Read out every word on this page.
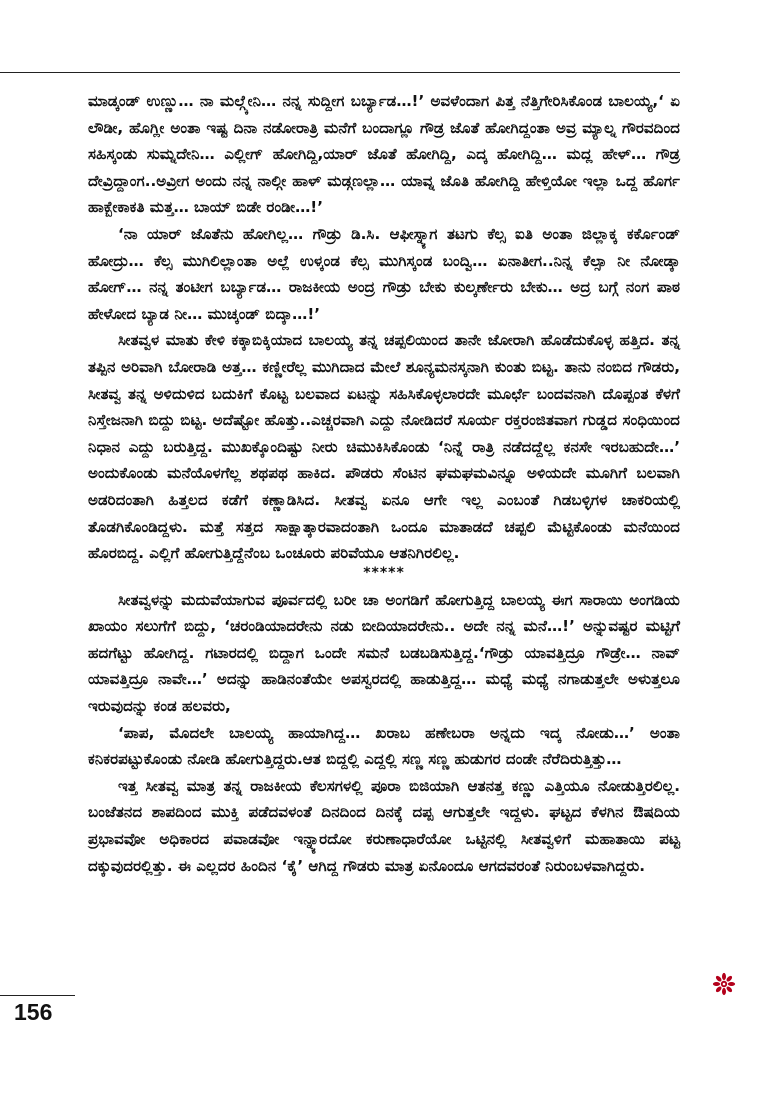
ಮಾಡ್ಕಂಡ್ ಉಣ್ಣು… ನಾ ಮಲ್ಗ್ಕೇನಿ… ನನ್ನ ಸುದ್ದೀಗ ಬರ್ಬ್ಯಾಡ…!’ ಅವಳೆಂದಾಗ ಪಿತ್ತ ನೆತ್ತಿಗೇರಿಸಿಕೊಂಡ ಬಾಲಯ್ಯ,‘ ಏ ಲೌಡೀ, ಹೊಗ್ಲೀ ಅಂತಾ ಇಷ್ಟ ದಿನಾ ನಡೋರಾತ್ರಿ ಮನೆಗೆ ಬಂದಾಗ್ಲೂ ಗೌಡ್ರ ಜೊತೆ ಹೋಗಿದ್ದಂತಾ ಅವ್ರ ಮ್ಯಾಲ್ನ ಗೌರವದಿಂದ ಸಹಿಸ್ಕಂಡು ಸುಮ್ನದೇನಿ… ಎಲ್ಲೀಗ್ ಹೋಗಿದ್ದಿ,ಯಾರ್ ಜೊತೆ ಹೋಗಿದ್ದಿ, ಎದ್ಕ ಹೋಗಿದ್ದಿ… ಮದ್ಲ ಹೇಳ್… ಗೌಡ್ರ ದೇವ್ರಿದ್ದಾಂಗ..ಅವ್ರೀಗ ಅಂದು ನನ್ನ ನಾಲ್ಗೀ ಹಾಳ್ ಮಡ್ಗಣಲ್ಲಾ… ಯಾವ್ನ ಜೊತಿ ಹೋಗಿದ್ದಿ ಹೇಳ್ತಿಯೋ ಇಲ್ಲಾ ಒದ್ದ ಹೊರ್ಗ ಹಾಕ್ಬೇಕಾಕತಿ ಮತ್ತ… ಬಾಯ್ ಬಿಡೇ ರಂಡೀ…!’

‘ನಾ ಯಾರ್ ಜೊತೆನು ಹೋಗಿಲ್ಲ… ಗೌಡ್ರು ಡಿ.ಸಿ. ಆಫೀಸ್ನ್ಯಾಗ ತಟಗು ಕೆಲ್ಸ ಐತಿ ಅಂತಾ ಜಿಲ್ಲಾಕ್ಕ ಕರ್ಕೊಂಡ್ ಹೋದ್ರು… ಕೆಲ್ಸ ಮುಗಿಲಿಲ್ಲಾಂತಾ ಅಲ್ಲೆ ಉಳ್ಕಂಡ ಕೆಲ್ಸ ಮುಗಿಸ್ಕಂಡ ಬಂದ್ವಿ… ಏನಾತೀಗ..ನಿನ್ನ ಕೆಲ್ಸಾ ನೀ ನೋಡ್ಕಾ ಹೋಗ್… ನನ್ನ ತಂಟೀಗ ಬರ್ಬ್ಯಾಡ… ರಾಜಕೀಯ ಅಂದ್ರ ಗೌಡ್ರು ಬೇಕು ಕುಲ್ಕರ್ಣೇರು ಬೇಕು… ಅದ್ರ ಬಗ್ಗೆ ನಂಗ ಪಾಠ ಹೇಳೋದ ಬ್ಯಾಡ ನೀ… ಮುಚ್ಕಂಡ್ ಬಿದ್ಕಾ…!’

ಸೀತವ್ವಳ ಮಾತು ಕೇಳಿ ಕಕ್ಕಾಬಿಕ್ಕಿಯಾದ ಬಾಲಯ್ಯ ತನ್ನ ಚಪ್ಪಲಿಯಿಂದ ತಾನೇ ಜೋರಾಗಿ ಹೊಡೆದುಕೊಳ್ಳ ಹತ್ತಿದ. ತನ್ನ ತಪ್ಪಿನ ಅರಿವಾಗಿ ಬೋರಾಡಿ ಅತ್ತ… ಕಣ್ಣೀರೆಲ್ಲ ಮುಗಿದಾದ ಮೇಲೆ ಶೂನ್ಯಮನಸ್ಕನಾಗಿ ಕುಂತು ಬಿಟ್ಟ. ತಾನು ನಂಬಿದ ಗೌಡರು, ಸೀತವ್ವ ತನ್ನ ಅಳಿದುಳಿದ ಬದುಕಿಗೆ ಕೊಟ್ಟ ಬಲವಾದ ಏಟನ್ನು ಸಹಿಸಿಕೊಳ್ಳಲಾರದೇ ಮೂರ್ಛೆ ಬಂದವನಾಗಿ ದೊಪ್ಪಂತ ಕೆಳಗೆ ನಿಸ್ತೇಜನಾಗಿ ಬಿದ್ದು ಬಿಟ್ಟ. ಅದೆಷ್ಟೋ ಹೊತ್ತು..ಎಚ್ಚರವಾಗಿ ಎದ್ದು ನೋಡಿದರೆ ಸೂರ್ಯ ರಕ್ತರಂಜಿತವಾಗ ಗುಡ್ಡದ ಸಂಧಿಯಿಂದ ನಿಧಾನ ಎದ್ದು ಬರುತ್ತಿದ್ದ. ಮುಖಕ್ಕೊಂದಿಷ್ಟು ನೀರು ಚಿಮುಕಿಸಿಕೊಂಡು ‘ನಿನ್ನೆ ರಾತ್ರಿ ನಡೆದದ್ದೆಲ್ಲ ಕನಸೇ ಇರಬಹುದೇ…’ ಅಂದುಕೊಂಡು ಮನೆಯೊಳಗೆಲ್ಲ ಶಥಪಥ ಹಾಕಿದ. ಪೌಡರು ಸೆಂಟಿನ ಘಮಘಮವಿನ್ನೂ ಅಳಿಯದೇ ಮೂಗಿಗೆ ಬಲವಾಗಿ ಅಡರಿದಂತಾಗಿ ಹಿತ್ತಲದ ಕಡೆಗೆ ಕಣ್ಣಾಡಿಸಿದ. ಸೀತವ್ವ ಏನೂ ಆಗೇ ಇಲ್ಲ ಎಂಬಂತೆ ಗಿಡಬಳ್ಳಿಗಳ ಚಾಕರಿಯಲ್ಲಿ ತೊಡಗಿಕೊಂಡಿದ್ದಳು. ಮತ್ತೆ ಸತ್ತದ ಸಾಕ್ಷಾತ್ಕಾರವಾದಂತಾಗಿ ಒಂದೂ ಮಾತಾಡದೆ ಚಪ್ಪಲಿ ಮೆಟ್ಟಿಕೊಂಡು ಮನೆಯಿಂದ ಹೊರಬಿದ್ದ. ಎಲ್ಲಿಗೆ ಹೋಗುತ್ತಿದ್ದೆನೆಂಬ ಒಂಚೂರು ಪರಿವೆಯೂ ಆತನಿಗಿರಲಿಲ್ಲ.

*****

ಸೀತವ್ವಳನ್ನು ಮದುವೆಯಾಗುವ ಪೂರ್ವದಲ್ಲಿ ಬರೀ ಚಾ ಅಂಗಡಿಗೆ ಹೋಗುತ್ತಿದ್ದ ಬಾಲಯ್ಯ ಈಗ ಸಾರಾಯಿ ಅಂಗಡಿಯ ಖಾಯಂ ಸಲುಗೆಗೆ ಬಿದ್ದು, ‘ಚರಂಡಿಯಾದರೇನು ನಡು ಬೀದಿಯಾದರೇನು.. ಅದೇ ನನ್ನ ಮನೆ…!’ ಅನ್ನುವಷ್ಟರ ಮಟ್ಟಿಗೆ ಹದಗೆಟ್ಟು ಹೋಗಿದ್ದ. ಗಟಾರದಲ್ಲಿ ಬಿದ್ದಾಗ ಒಂದೇ ಸಮನೆ ಬಡಬಡಿಸುತ್ತಿದ್ದ.‘ಗೌಡ್ರು ಯಾವತ್ತಿದ್ರೂ ಗೌಡ್ರೇ… ನಾವ್ ಯಾವತ್ತಿದ್ರೂ ನಾವೇ…’ ಅದನ್ನು ಹಾಡಿನಂತೆಯೇ ಅಪಸ್ವರದಲ್ಲಿ ಹಾಡುತ್ತಿದ್ದ… ಮಧ್ಯೆ ಮಧ್ಯೆ ನಗಾಡುತ್ತಲೇ ಅಳುತ್ತಲೂ ಇರುವುದನ್ನು ಕಂಡ ಹಲವರು,

‘ಪಾಪ, ಮೊದಲೇ ಬಾಲಯ್ಯ ಹಾಯಾಗಿದ್ದ… ಖರಾಬ ಹಣೇಬರಾ ಅನ್ನದು ಇದ್ಕ ನೋಡು…’ ಅಂತಾ ಕನಿಕರಪಟ್ಟುಕೊಂಡು ನೋಡಿ ಹೋಗುತ್ತಿದ್ದರು.ಆತ ಬಿದ್ದಲ್ಲಿ ಎದ್ದಲ್ಲಿ ಸಣ್ಣ ಸಣ್ಣ ಹುಡುಗರ ದಂಡೇ ನೆರೆದಿರುತ್ತಿತ್ತು…

ಇತ್ತ ಸೀತವ್ವ ಮಾತ್ರ ತನ್ನ ರಾಜಕೀಯ ಕೆಲಸಗಳಲ್ಲಿ ಪೂರಾ ಬಿಜಿಯಾಗಿ ಆತನತ್ತ ಕಣ್ಣು ಎತ್ತಿಯೂ ನೋಡುತ್ತಿರಲಿಲ್ಲ. ಬಂಜೆತನದ ಶಾಪದಿಂದ ಮುಕ್ತಿ ಪಡೆದವಳಂತೆ ದಿನದಿಂದ ದಿನಕ್ಕೆ ದಪ್ಪ ಆಗುತ್ತಲೇ ಇದ್ದಳು. ಘಟ್ಟದ ಕೆಳಗಿನ ಔಷದಿಯ ಪ್ರಭಾವವೋ ಅಧಿಕಾರದ ಪವಾಡವೋ ಇನ್ನ್ಯಾರದೋ ಕರುಣಾಧಾರೆಯೋ ಒಟ್ಟಿನಲ್ಲಿ ಸೀತವ್ವಳಿಗೆ ಮಹಾತಾಯಿ ಪಟ್ಟ ದಕ್ಕುವುದರಲ್ಲಿತ್ತು. ಈ ಎಲ್ಲದರ ಹಿಂದಿನ ‘ಕೈ’ ಆಗಿದ್ದ ಗೌಡರು ಮಾತ್ರ ಏನೊಂದೂ ಆಗದವರಂತೆ ನಿರುಂಬಳವಾಗಿದ್ದರು.

156
